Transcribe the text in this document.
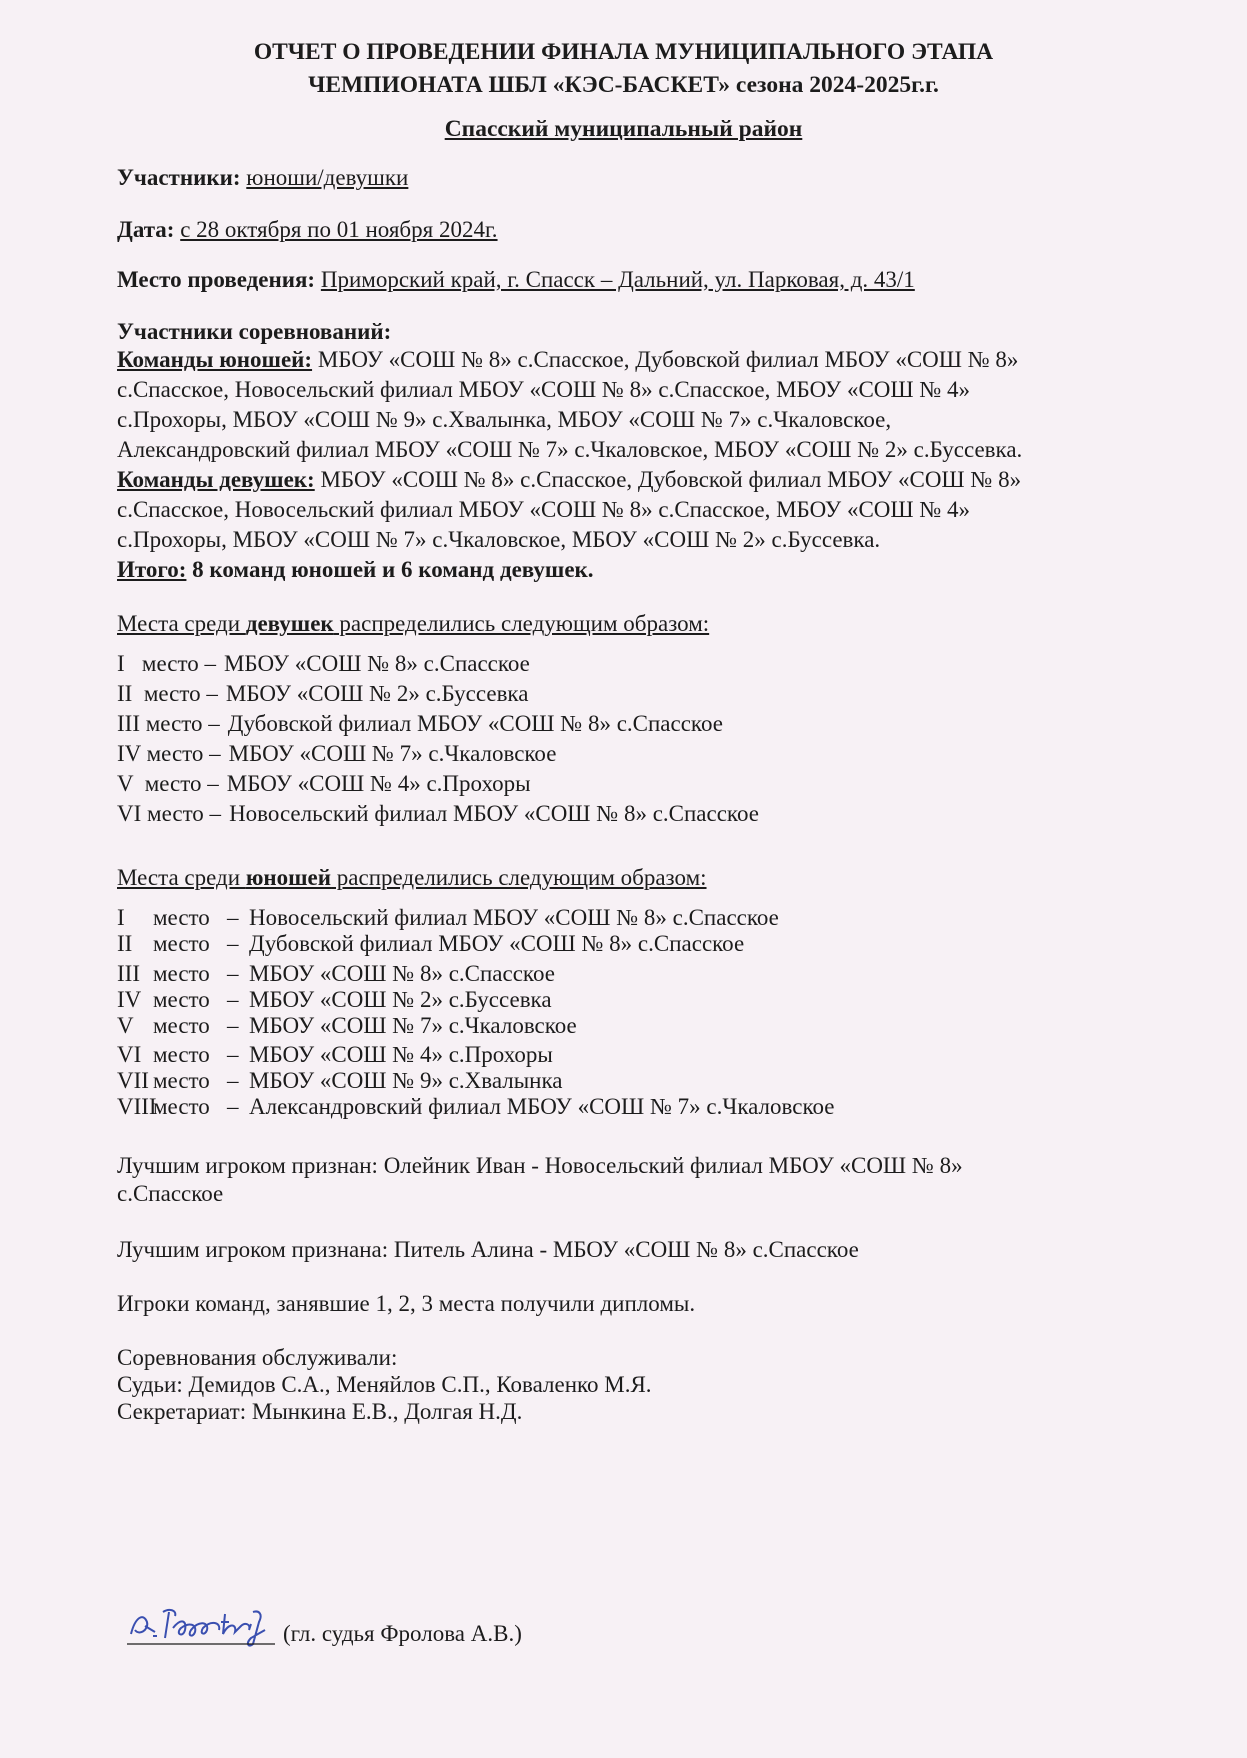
ОТЧЕТ О ПРОВЕДЕНИИ ФИНАЛА МУНИЦИПАЛЬНОГО ЭТАПА
ЧЕМПИОНАТА ШБЛ «КЭС-БАСКЕТ» сезона 2024-2025г.г.
Спасский муниципальный район
Участники: юноши/девушки
Дата: с 28 октября по 01 ноября 2024г.
Место проведения: Приморский край, г. Спасск – Дальний, ул. Парковая, д. 43/1
Участники соревнований:
Команды юношей: МБОУ «СОШ № 8» с.Спасское, Дубовской филиал МБОУ «СОШ № 8»
с.Спасское, Новосельский филиал МБОУ «СОШ № 8» с.Спасское, МБОУ «СОШ № 4»
с.Прохоры, МБОУ «СОШ № 9» с.Хвалынка, МБОУ «СОШ № 7» с.Чкаловское,
Александровский филиал МБОУ «СОШ № 7» с.Чкаловское, МБОУ «СОШ № 2» с.Буссевка.
Команды девушек: МБОУ «СОШ № 8» с.Спасское, Дубовской филиал МБОУ «СОШ № 8»
с.Спасское, Новосельский филиал МБОУ «СОШ № 8» с.Спасское, МБОУ «СОШ № 4»
с.Прохоры, МБОУ «СОШ № 7» с.Чкаловское, МБОУ «СОШ № 2» с.Буссевка.
Итого: 8 команд юношей и 6 команд девушек.
Места среди девушек распределились следующим образом:
I   место – МБОУ «СОШ № 8» с.Спасское
II  место – МБОУ «СОШ № 2» с.Буссевка
III место – Дубовской филиал МБОУ «СОШ № 8» с.Спасское
IV место – МБОУ «СОШ № 7» с.Чкаловское
V  место – МБОУ «СОШ № 4» с.Прохоры
VI место – Новосельский филиал МБОУ «СОШ № 8» с.Спасское
Места среди юношей распределились следующим образом:
I место – Новосельский филиал МБОУ «СОШ № 8» с.Спасское
II место – Дубовской филиал МБОУ «СОШ № 8» с.Спасское
III место – МБОУ «СОШ № 8» с.Спасское
IV место – МБОУ «СОШ № 2» с.Буссевка
V место – МБОУ «СОШ № 7» с.Чкаловское
VI место – МБОУ «СОШ № 4» с.Прохоры
VII место – МБОУ «СОШ № 9» с.Хвалынка
VIIIместо – Александровский филиал МБОУ «СОШ № 7» с.Чкаловское
Лучшим игроком признан: Олейник Иван - Новосельский филиал МБОУ «СОШ № 8»
с.Спасское
Лучшим игроком признана: Питель Алина - МБОУ «СОШ № 8» с.Спасское
Игроки команд, занявшие 1, 2, 3 места получили дипломы.
Соревнования обслуживали:
Судьи: Демидов С.А., Меняйлов С.П., Коваленко М.Я.
Секретариат: Мынкина Е.В., Долгая Н.Д.
(гл. судья Фролова А.В.)
